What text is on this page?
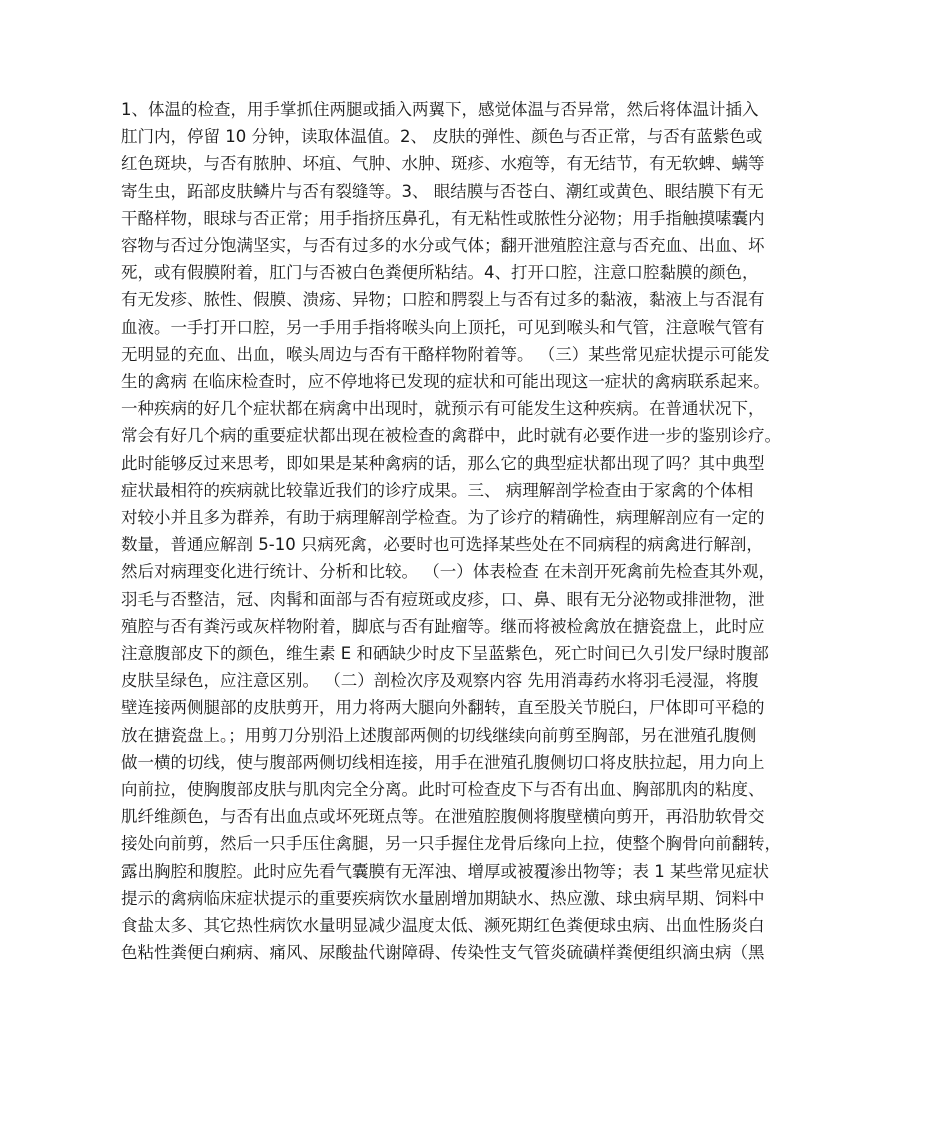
1、体温的检查，用手掌抓住两腿或插入两翼下，感觉体温与否异常，然后将体温计插入
肛门内，停留 10 分钟，读取体温值。2、 皮肤的弹性、颜色与否正常，与否有蓝紫色或
红色斑块，与否有脓肿、坏疽、气肿、水肿、斑疹、水疱等，有无结节，有无软蜱、螨等
寄生虫，跖部皮肤鳞片与否有裂缝等。3、 眼结膜与否苍白、潮红或黄色、眼结膜下有无
干酪样物，眼球与否正常；用手指挤压鼻孔，有无粘性或脓性分泌物；用手指触摸嗉囊内
容物与否过分饱满坚实，与否有过多的水分或气体；翻开泄殖腔注意与否充血、出血、坏
死，或有假膜附着，肛门与否被白色粪便所粘结。4、打开口腔，注意口腔黏膜的颜色，
有无发疹、脓性、假膜、溃疡、异物；口腔和腭裂上与否有过多的黏液，黏液上与否混有
血液。一手打开口腔，另一手用手指将喉头向上顶托，可见到喉头和气管，注意喉气管有
无明显的充血、出血，喉头周边与否有干酪样物附着等。 （三）某些常见症状提示可能发
生的禽病 在临床检查时，应不停地将已发现的症状和可能出现这一症状的禽病联系起来。
一种疾病的好几个症状都在病禽中出现时，就预示有可能发生这种疾病。在普通状况下，
常会有好几个病的重要症状都出现在被检查的禽群中，此时就有必要作进一步的鉴别诊疗。
此时能够反过来思考，即如果是某种禽病的话，那么它的典型症状都出现了吗？其中典型
症状最相符的疾病就比较靠近我们的诊疗成果。三、 病理解剖学检查由于家禽的个体相
对较小并且多为群养，有助于病理解剖学检查。为了诊疗的精确性，病理解剖应有一定的
数量，普通应解剖 5-10 只病死禽，必要时也可选择某些处在不同病程的病禽进行解剖，
然后对病理变化进行统计、分析和比较。 （一）体表检查 在未剖开死禽前先检查其外观，
羽毛与否整洁，冠、肉髯和面部与否有痘斑或皮疹，口、鼻、眼有无分泌物或排泄物，泄
殖腔与否有粪污或灰样物附着，脚底与否有趾瘤等。继而将被检禽放在搪瓷盘上，此时应
注意腹部皮下的颜色，维生素 E 和硒缺少时皮下呈蓝紫色，死亡时间已久引发尸绿时腹部
皮肤呈绿色，应注意区别。 （二）剖检次序及观察内容 先用消毒药水将羽毛浸湿，将腹
壁连接两侧腿部的皮肤剪开，用力将两大腿向外翻转，直至股关节脱臼，尸体即可平稳的
放在搪瓷盘上。；用剪刀分别沿上述腹部两侧的切线继续向前剪至胸部，另在泄殖孔腹侧
做一横的切线，使与腹部两侧切线相连接，用手在泄殖孔腹侧切口将皮肤拉起，用力向上
向前拉，使胸腹部皮肤与肌肉完全分离。此时可检查皮下与否有出血、胸部肌肉的粘度、
肌纤维颜色，与否有出血点或坏死斑点等。在泄殖腔腹侧将腹壁横向剪开，再沿肋软骨交
接处向前剪，然后一只手压住禽腿，另一只手握住龙骨后缘向上拉，使整个胸骨向前翻转，
露出胸腔和腹腔。此时应先看气囊膜有无浑浊、增厚或被覆渗出物等；表 1 某些常见症状
提示的禽病临床症状提示的重要疾病饮水量剧增加期缺水、热应激、球虫病早期、饲料中
食盐太多、其它热性病饮水量明显减少温度太低、濒死期红色粪便球虫病、出血性肠炎白
色粘性粪便白痢病、痛风、尿酸盐代谢障碍、传染性支气管炎硫磺样粪便组织滴虫病（黑
